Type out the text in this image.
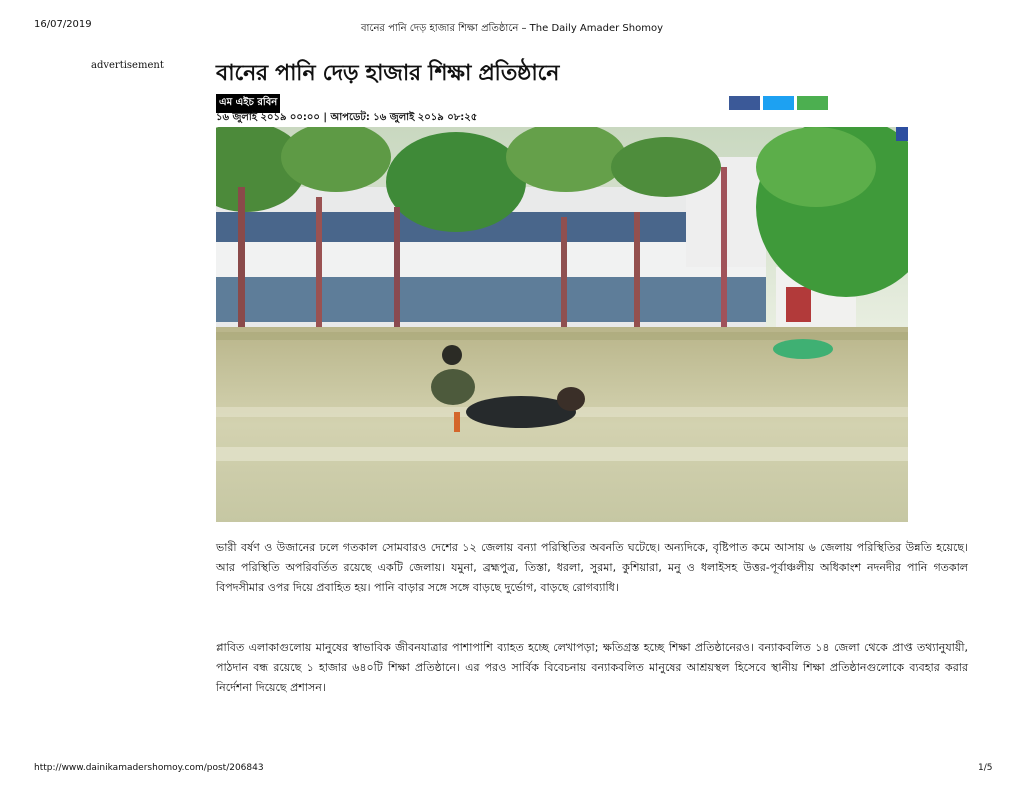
16/07/2019	বানের পানি দেড় হাজার শিক্ষা প্রতিষ্ঠানে – The Daily Amader Shomoy
advertisement বানের পানি দেড় হাজার শিক্ষা প্রতিষ্ঠানে
এম এইচ রবিন
১৬ জুলাই ২০১৯ ০০:০০ | আপডেট: ১৬ জুলাই ২০১৯ ০৮:২৫
ভারী বর্ষণ ও উজানের ঢলে গতকাল সোমবারও দেশের ১২ জেলায় বন্যা পরিস্থিতির অবনতি ঘটেছে। অন্যদিকে, বৃষ্টিপাত কমে আসায় ৬ জেলায় পরিস্থিতির উন্নতি হয়েছে। আর পরিস্থিতি অপরিবর্তিত রয়েছে একটি জেলায়। যমুনা, ব্রহ্মপুত্র, তিস্তা, ধরলা, সুরমা, কুশিয়ারা, মনু ও ধলাইসহ উত্তর-পূর্বাঞ্চলীয় অধিকাংশ নদনদীর পানি গতকাল বিপদসীমার ওপর দিয়ে প্রবাহিত হয়। পানি বাড়ার সঙ্গে সঙ্গে বাড়ছে দুর্ভোগ, বাড়ছে রোগব্যাধি।
প্লাবিত এলাকাগুলোয় মানুষের স্বাভাবিক জীবনযাত্রার পাশাপাশি ব্যাহত হচ্ছে লেখাপড়া; ক্ষতিগ্রস্ত হচ্ছে শিক্ষা প্রতিষ্ঠানেরও। বন্যাকবলিত ১৪ জেলা থেকে প্রাপ্ত তথ্যানুযায়ী, পাঠদান বন্ধ রয়েছে ১ হাজার ৬৪০টি শিক্ষা প্রতিষ্ঠানে। এর পরও সার্বিক বিবেচনায় বন্যাকবলিত মানুষের আশ্রয়স্থল হিসেবে স্থানীয় শিক্ষা প্রতিষ্ঠানগুলোকে ব্যবহার করার নির্দেশনা দিয়েছে প্রশাসন।
http://www.dainikamadershomoy.com/post/206843	1/5
